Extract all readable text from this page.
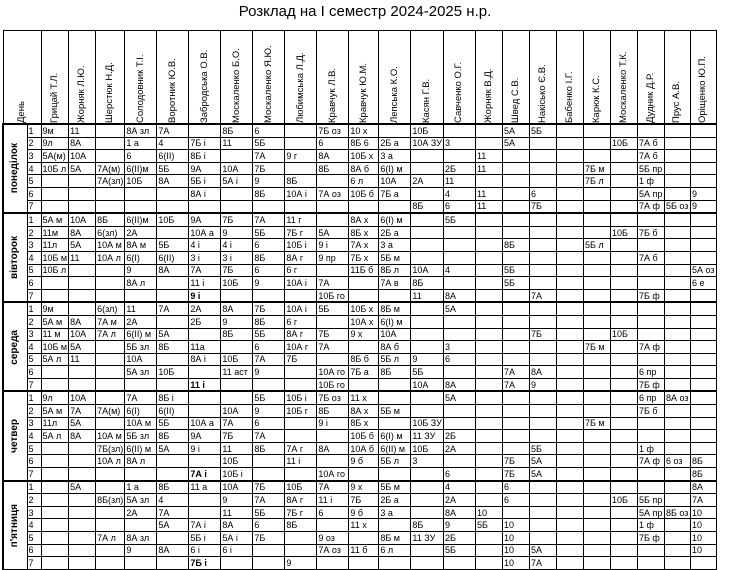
Розклад на І семестр 2024-2025 н.р.
День		Грицай Т.Л.	Жорняк Л.Ю.	Шерстюк Н.Д.	Солодовник Т.І.	Воротник Ю.В.	Забродська О.В.	Москаленко Б.О.	Москаленко Я.Ю.	Любимська Л.Д.	Кравчук Л.В.	Кравчук Ю.М.	Лепська К.О.	Касян Г.В.	Савченко О.Г.	Жорняк В.Д.	Швед С.В.	Накісько Є.В.	Бабенко І.Г.	Карюк К.С.	Москаленко Т.К.	Дудник Д.Р.	Прус А.В.	Оріщенко Ю.П.

понеділок	1	9м	11		8А зл	7А		8Б	6		7Б оз	10 х		10Б			5А	5Б						
	2	9л	8А		1 а	4	7Б і	11	5Б		6	8Б 6	2Б а	10А ЗУ	3		5А				10Б	7А б		
	3	5А(м)	10А		6	6(ІІ)	8Б і		7А	9 г	8А	10Б х	3 а			11						7А б		
	4	10Б л	5А	7А(м)	6(ІІ)м	5Б	9А	10А	7Б		8Б	8А б	6(І) м		2Б	11				7Б м		5Б пр		
	5			7А(зл)	10Б	8А	5Б і	5А і	9	8Б		6 л	10А	2А	11					7Б л		1 ф		
	6						8А і		8Б	10А і	7А оз	10Б б	7Б а		4	11		6				5А пр		9
	7													8Б	6	11		7Б				7А ф	5Б оз	9

вівторок	1	5А м	10А	8Б	6(ІІ)м	10Б	9А	7Б	7А	11 г		8А х	6(І) м		5Б									
	2	11м	8А	6(зл)	2А		10А а	9	5Б	7Б г	5А	8Б х	2Б а								10Б	7Б б		
	3	11л	5А	10А м	8А м	5Б	4 і	4 і	6	10Б і	9 і	7А х	3 а				8Б			5Б л				
	4	10Б м	11	10А л	6(І)	6(ІІ)	3 і	3 і	8Б	8А г	9 пр	7Б х	5Б м									7А б		
	5	10Б л			9	8А	7А	7Б	6	6 г		11Б б	8Б л	10А	4		5Б							5А оз
	6				8А л		11 і	10Б	9	10А і	7А		7А в	8Б			5Б							6 е
	7						9 і				10Б го			11	8А			7А				7Б ф		

середа	1	9м		6(зл)	11	7А	2А	8А	7Б	10А і	5Б	10Б х	8Б м		5А									
	2	5А м	8А	7А м	2А		2Б	9	8Б	6 г		10А х	6(І) м											
	3	11 м	10А	7А л	6(ІІ) м	5А		8Б	5Б	8А г	7Б	9 х	10А					7Б			10Б			
	4	10Б м	5А		5Б зл	8Б	11а		6	10А г	7А		8А б		3					7Б м		7А ф		
	5	5А л	11		10А		8А і	10Б	7А	7Б		8Б б	5Б л	9	6									
	6				5А зл	10Б		11 аст	9		10А го	7Б а	8Б	5Б			7А	8А				6 пр		
	7						11 і				10Б го			10А	8А		7А	9				7Б ф		

четвер	1	9л	10А		7А	8Б і			5Б	10Б і	7Б оз	11 х			5А							6 пр	8А оз	
	2	5А м	7А	7А(м)	6(І)	6(ІІ)		10А	9	10Б г	8Б	8А х	5Б м									7Б б		
	3	11л	5А		10А м	5Б	10А а	7А	6		9 і	8Б х		10Б ЗУ						7Б м				
	4	5А л	8А	10А м	5Б зл	8Б	9А	7Б	7А			10Б б	6(І) м	11 ЗУ	2Б									
	5			7Б(зл)	6(ІІ) м	5А	9 і	11	8Б	7А г	8А	10А б	6(ІІ) м	10Б	2А			5Б				1 ф		
	6			10А л	8А л			10Б		11 і		9 б	5Б л	3			7Б	5А				7А ф	6 оз	8Б
	7						7А і	10Б і			10А го				6		7Б	5А						8Б

п'ятниця	1		5А		1 а	8Б	11 а	10А	7Б	10Б	7А	9 х	5Б м		4		6							8А
	2			8Б(зл)	5А зл	4		9	7А	8А г	11 і	7Б	2Б а		2А		6				10Б	5Б пр		7А
	3				2А	7А		11	5Б	7Б г	6	9 б	3 а		8А	10						5А пр	8Б оз	10
	4					5А	7А і	8А	6	8Б		11 х		8Б	9	5Б	10					1 ф		10
	5			7А л	8А зл		5Б і	5А і	7Б		9 оз		8Б м	11 ЗУ	2Б		10					7Б ф		10
	6				9	8А	6 і	6 і			7А оз	11 б	6 л		5Б		10	5А						10
	7						7Б і			9							10	7А						
